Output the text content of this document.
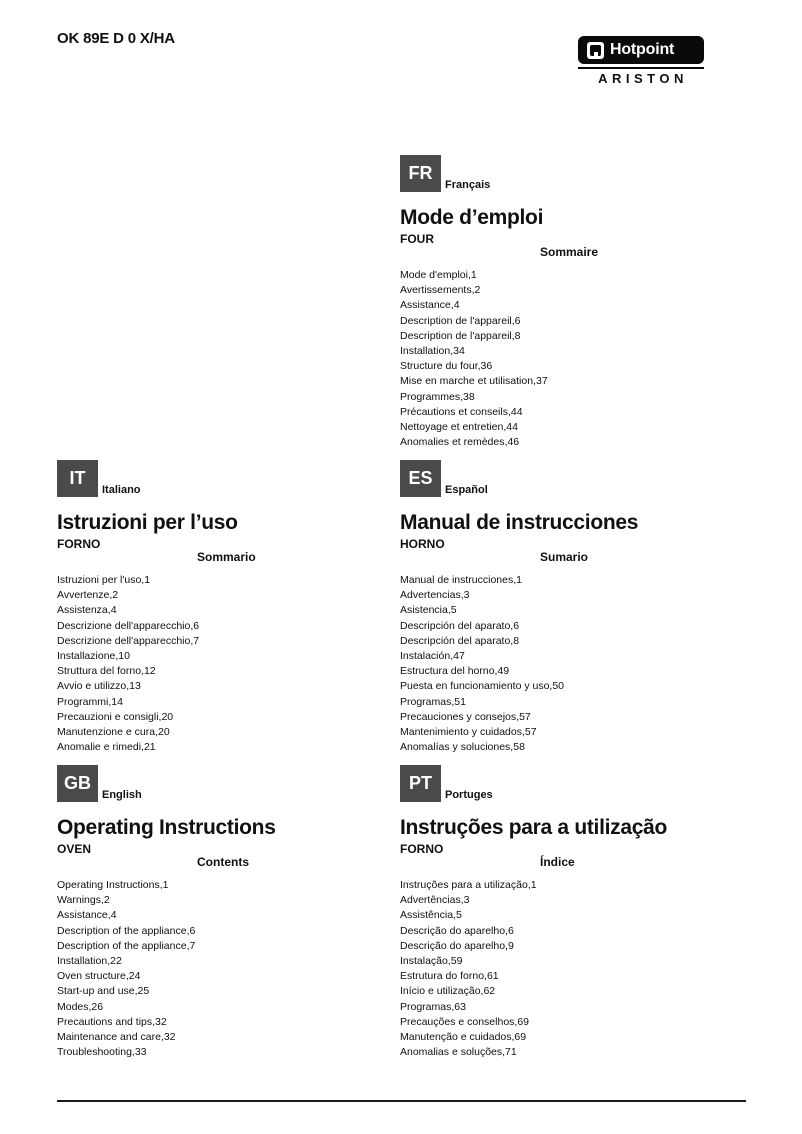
OK 89E D 0 X/HA
Hotpoint
ARISTON
FR
Français
Mode d’emploi
FOUR
Sommaire
Mode d'emploi,1
Avertissements,2
Assistance,4
Description de l'appareil,6
Description de l'appareil,8
Installation,34
Structure du four,36
Mise en marche et utilisation,37
Programmes,38
Précautions et conseils,44
Nettoyage et entretien,44
Anomalies et remèdes,46
IT
Italiano
Istruzioni per l’uso
FORNO
Sommario
Istruzioni per l'uso,1
Avvertenze,2
Assistenza,4
Descrizione dell'apparecchio,6
Descrizione dell'apparecchio,7
Installazione,10
Struttura del forno,12
Avvio e utilizzo,13
Programmi,14
Precauzioni e consigli,20
Manutenzione e cura,20
Anomalie e rimedi,21
ES
Español
Manual de instrucciones
HORNO
Sumario
Manual de instrucciones,1
Advertencias,3
Asistencia,5
Descripción del aparato,6
Descripción del aparato,8
Instalación,47
Estructura del horno,49
Puesta en funcionamiento y uso,50
Programas,51
Precauciones y consejos,57
Mantenimiento y cuidados,57
Anomalías y soluciones,58
GB
English
Operating Instructions
OVEN
Contents
Operating Instructions,1
Warnings,2
Assistance,4
Description of the appliance,6
Description of the appliance,7
Installation,22
Oven structure,24
Start-up and use,25
Modes,26
Precautions and tips,32
Maintenance and care,32
Troubleshooting,33
PT
Portuges
Instruções para a utilização
FORNO
Índice
Instruções para a utilização,1
Advertências,3
Assistência,5
Descrição do aparelho,6
Descrição do aparelho,9
Instalação,59
Estrutura do forno,61
Início e utilização,62
Programas,63
Precauções e conselhos,69
Manutenção e cuidados,69
Anomalias e soluções,71
